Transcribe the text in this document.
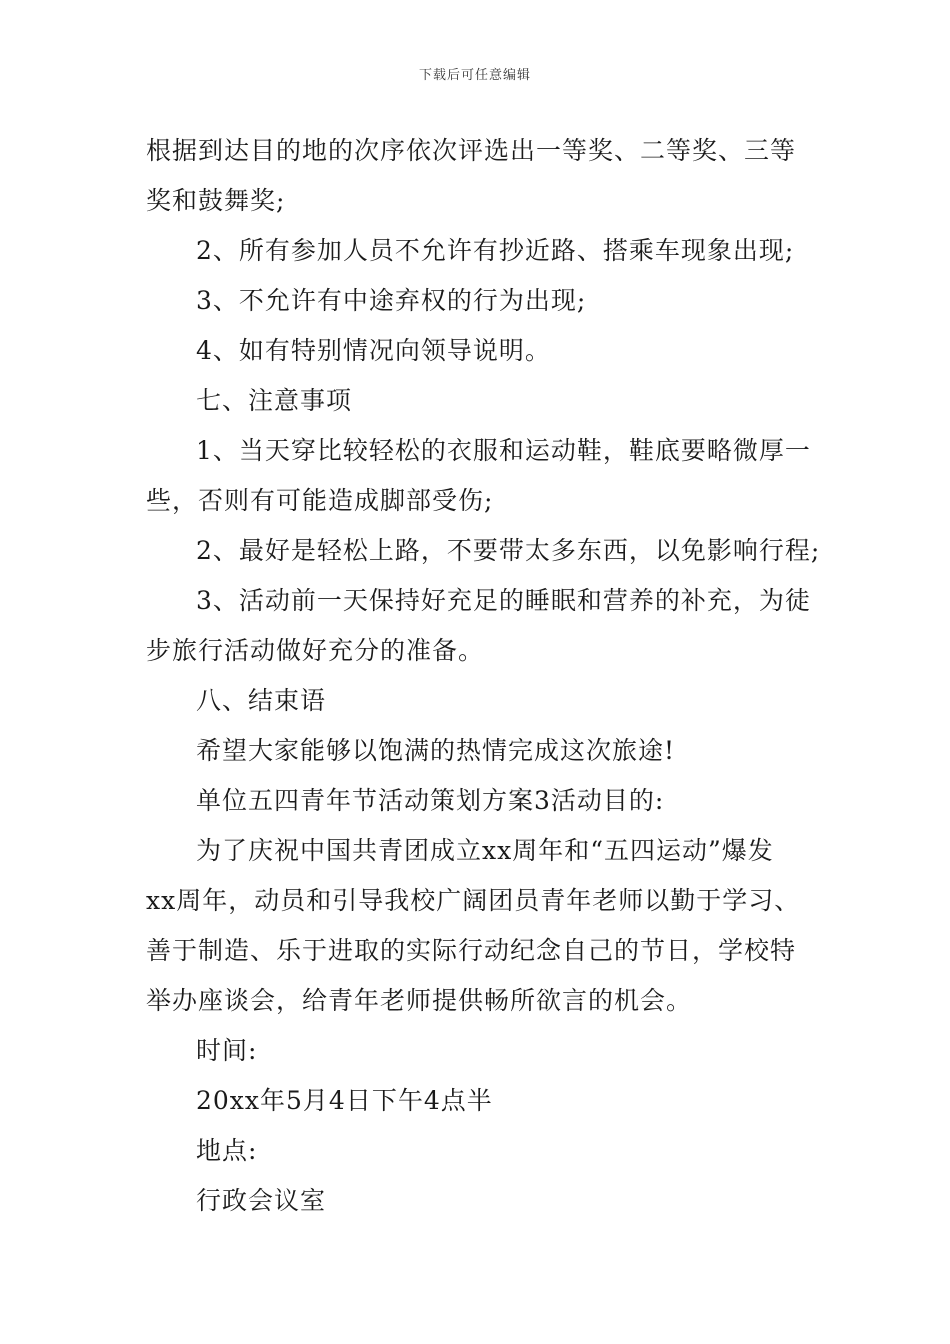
下载后可任意编辑

根据到达目的地的次序依次评选出一等奖、二等奖、三等

奖和鼓舞奖;

2、所有参加人员不允许有抄近路、搭乘车现象出现;

3、不允许有中途弃权的行为出现;

4、如有特别情况向领导说明。

七、注意事项

1、当天穿比较轻松的衣服和运动鞋，鞋底要略微厚一

些，否则有可能造成脚部受伤;

2、最好是轻松上路，不要带太多东西，以免影响行程;

3、活动前一天保持好充足的睡眠和营养的补充，为徒

步旅行活动做好充分的准备。

八、结束语

希望大家能够以饱满的热情完成这次旅途!

单位五四青年节活动策划方案3活动目的:

为了庆祝中国共青团成立xx周年和“五四运动”爆发

xx周年，动员和引导我校广阔团员青年老师以勤于学习、

善于制造、乐于进取的实际行动纪念自己的节日，学校特

举办座谈会，给青年老师提供畅所欲言的机会。

时间:

20xx年5月4日下午4点半

地点:

行政会议室
